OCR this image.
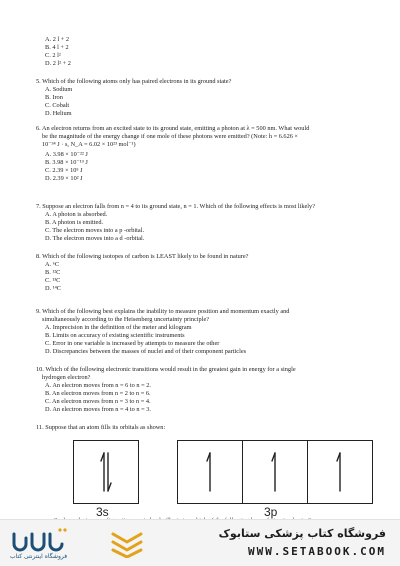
A. 2 l + 2
B. 4 l + 2
C. 2 l²
D. 2 l² + 2
5. Which of the following atoms only has paired electrons in its ground state?
A. Sodium
B. Iron
C. Cobalt
D. Helium
6. An electron returns from an excited state to its ground state, emitting a photon at λ = 500 nm. What would
be the magnitude of the energy change if one mole of these photons were emitted? (Note: h = 6.626 ×
10⁻³⁴ J · s, N_A = 6.02 × 10²³ mol⁻¹)
A. 3.98 × 10⁻²² J
B. 3.98 × 10⁻¹⁹ J
C. 2.39 × 10⁵ J
D. 2.39 × 10² J
7. Suppose an electron falls from n = 4 to its ground state, n = 1. Which of the following effects is most likely?
A. A photon is absorbed.
B. A photon is emitted.
C. The electron moves into a p -orbital.
D. The electron moves into a d -orbital.
8. Which of the following isotopes of carbon is LEAST likely to be found in nature?
A. ⁶C
B. ¹²C
C. ¹³C
D. ¹⁴C
9. Which of the following best explains the inability to measure position and momentum exactly and
simultaneously according to the Heisenberg uncertainty principle?
A. Imprecision in the definition of the meter and kilogram
B. Limits on accuracy of existing scientific instruments
C. Error in one variable is increased by attempts to measure the other
D. Discrepancies between the masses of nuclei and of their component particles
10. Which of the following electronic transitions would result in the greatest gain in energy for a single
hydrogen electron?
A. An electron moves from n = 6 to n = 2.
B. An electron moves from n = 2 to n = 6.
C. An electron moves from n = 3 to n = 4.
D. An electron moves from n = 4 to n = 3.
11. Suppose that an atom fills its orbitals as shown:
3s	3p
فروشگاه اینترنتی کتاب
فروشگاه کتاب پزشکی ستابوک
WWW.SETABOOK.COM
